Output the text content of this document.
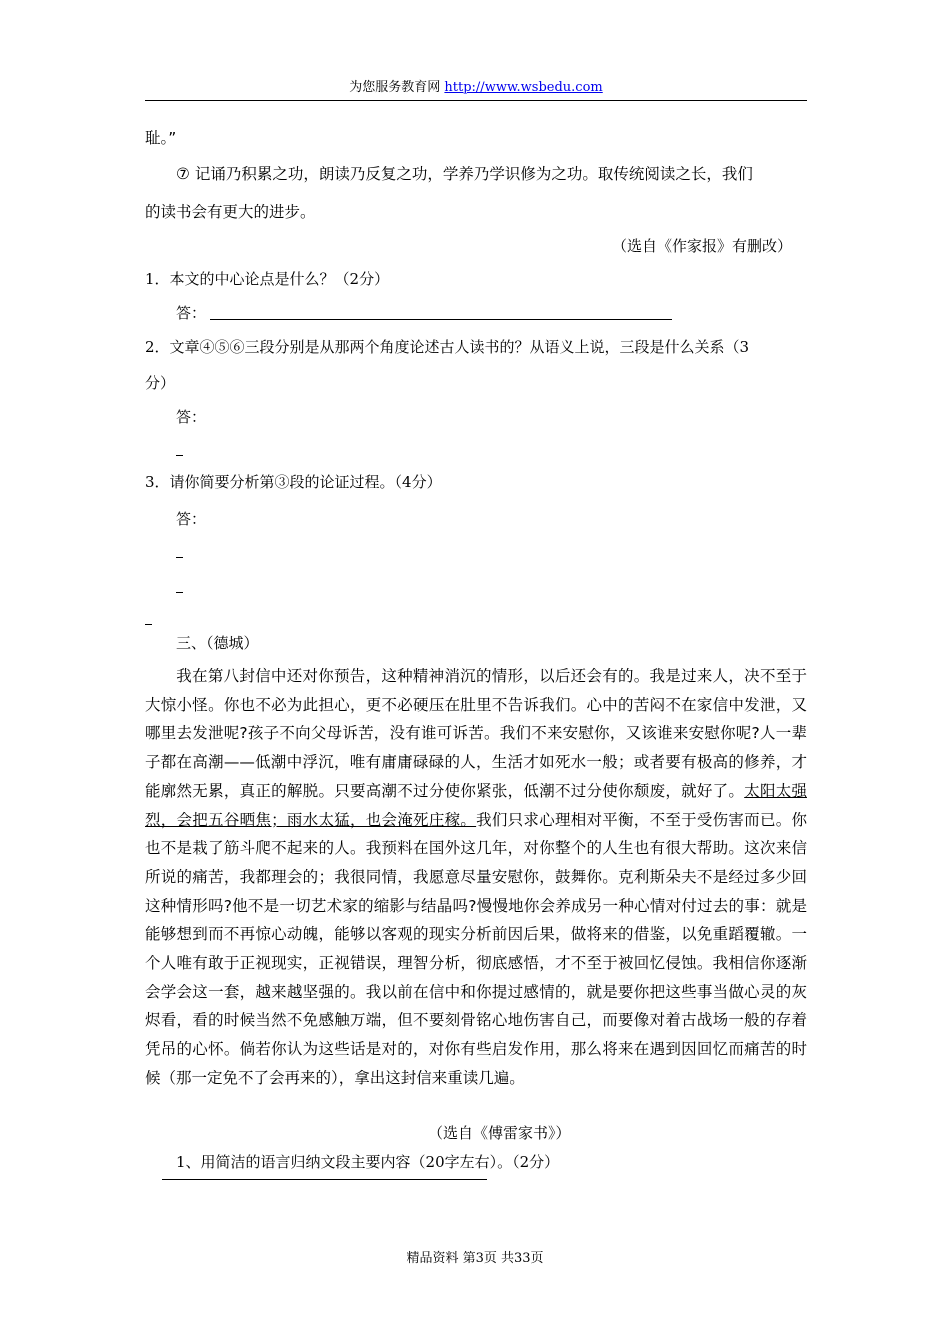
为您服务教育网 http://www.wsbedu.com
耻。”
⑦ 记诵乃积累之功，朗读乃反复之功，学养乃学识修为之功。取传统阅读之长，我们
的读书会有更大的进步。
（选自《作家报》有删改）
1．本文的中心论点是什么？（2分）
答：
2．文章④⑤⑥三段分别是从那两个角度论述古人读书的？从语义上说，三段是什么关系（3
分）
答：
3．请你简要分析第③段的论证过程。（4分）
答：
三、（德城）
我在第八封信中还对你预告，这种精神消沉的情形，以后还会有的。我是过来人，决不至于大惊小怪。你也不必为此担心，更不必硬压在肚里不告诉我们。心中的苦闷不在家信中发泄，又哪里去发泄呢?孩子不向父母诉苦，没有谁可诉苦。我们不来安慰你，又该谁来安慰你呢?人一辈子都在高潮——低潮中浮沉，唯有庸庸碌碌的人，生活才如死水一般；或者要有极高的修养，才能廓然无累，真正的解脱。只要高潮不过分使你紧张，低潮不过分使你颓废，就好了。太阳太强烈，会把五谷晒焦；雨水太猛，也会淹死庄稼。我们只求心理相对平衡，不至于受伤害而已。你也不是栽了筋斗爬不起来的人。我预料在国外这几年，对你整个的人生也有很大帮助。这次来信所说的痛苦，我都理会的；我很同情，我愿意尽量安慰你，鼓舞你。克利斯朵夫不是经过多少回这种情形吗?他不是一切艺术家的缩影与结晶吗?慢慢地你会养成另一种心情对付过去的事：就是能够想到而不再惊心动魄，能够以客观的现实分析前因后果，做将来的借鉴，以免重蹈覆辙。一个人唯有敢于正视现实，正视错误，理智分析，彻底感悟，才不至于被回忆侵蚀。我相信你逐渐会学会这一套，越来越坚强的。我以前在信中和你提过感情的，就是要你把这些事当做心灵的灰烬看，看的时候当然不免感触万端，但不要刻骨铭心地伤害自己，而要像对着古战场一般的存着凭吊的心怀。倘若你认为这些话是对的，对你有些启发作用，那么将来在遇到因回忆而痛苦的时候（那一定免不了会再来的），拿出这封信来重读几遍。
（选自《傅雷家书》）
1、用简洁的语言归纳文段主要内容（20字左右）。（2分）
精品资料 第3页 共33页
